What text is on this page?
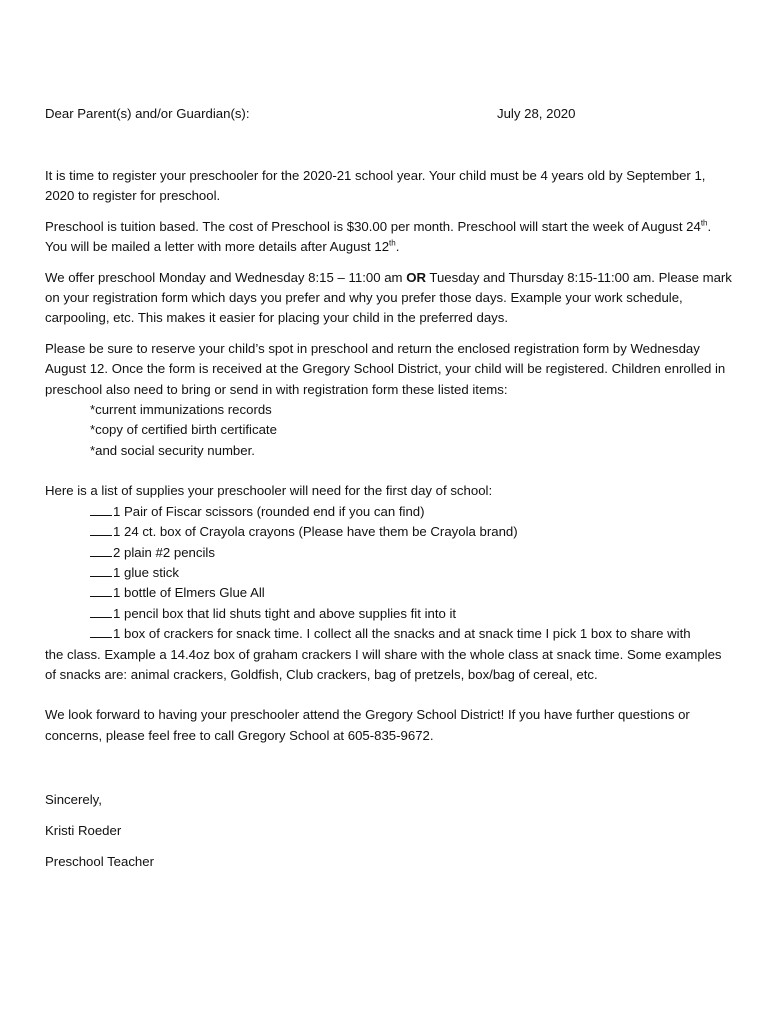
Dear Parent(s) and/or Guardian(s):	July 28, 2020

It is time to register your preschooler for the 2020-21 school year. Your child must be 4 years old by September 1, 2020 to register for preschool.

Preschool is tuition based. The cost of Preschool is $30.00 per month. Preschool will start the week of August 24th. You will be mailed a letter with more details after August 12th.

We offer preschool Monday and Wednesday 8:15 – 11:00 am OR Tuesday and Thursday 8:15-11:00 am. Please mark on your registration form which days you prefer and why you prefer those days. Example your work schedule, carpooling, etc. This makes it easier for placing your child in the preferred days.

Please be sure to reserve your child’s spot in preschool and return the enclosed registration form by Wednesday August 12. Once the form is received at the Gregory School District, your child will be registered. Children enrolled in preschool also need to bring or send in with registration form these listed items:

*current immunizations records
*copy of certified birth certificate
*and social security number.
Here is a list of supplies your preschooler will need for the first day of school:
1 Pair of Fiscar scissors (rounded end if you can find)
1 24 ct. box of Crayola crayons (Please have them be Crayola brand)
2 plain #2 pencils
1 glue stick
1 bottle of Elmers Glue All
1 pencil box that lid shuts tight and above supplies fit into it
1 box of crackers for snack time. I collect all the snacks and at snack time I pick 1 box to share with
the class. Example a 14.4oz box of graham crackers I will share with the whole class at snack time. Some examples of snacks are: animal crackers, Goldfish, Club crackers, bag of pretzels, box/bag of cereal, etc.

We look forward to having your preschooler attend the Gregory School District! If you have further questions or concerns, please feel free to call Gregory School at 605-835-9672.

Sincerely,
Kristi Roeder
Preschool Teacher
